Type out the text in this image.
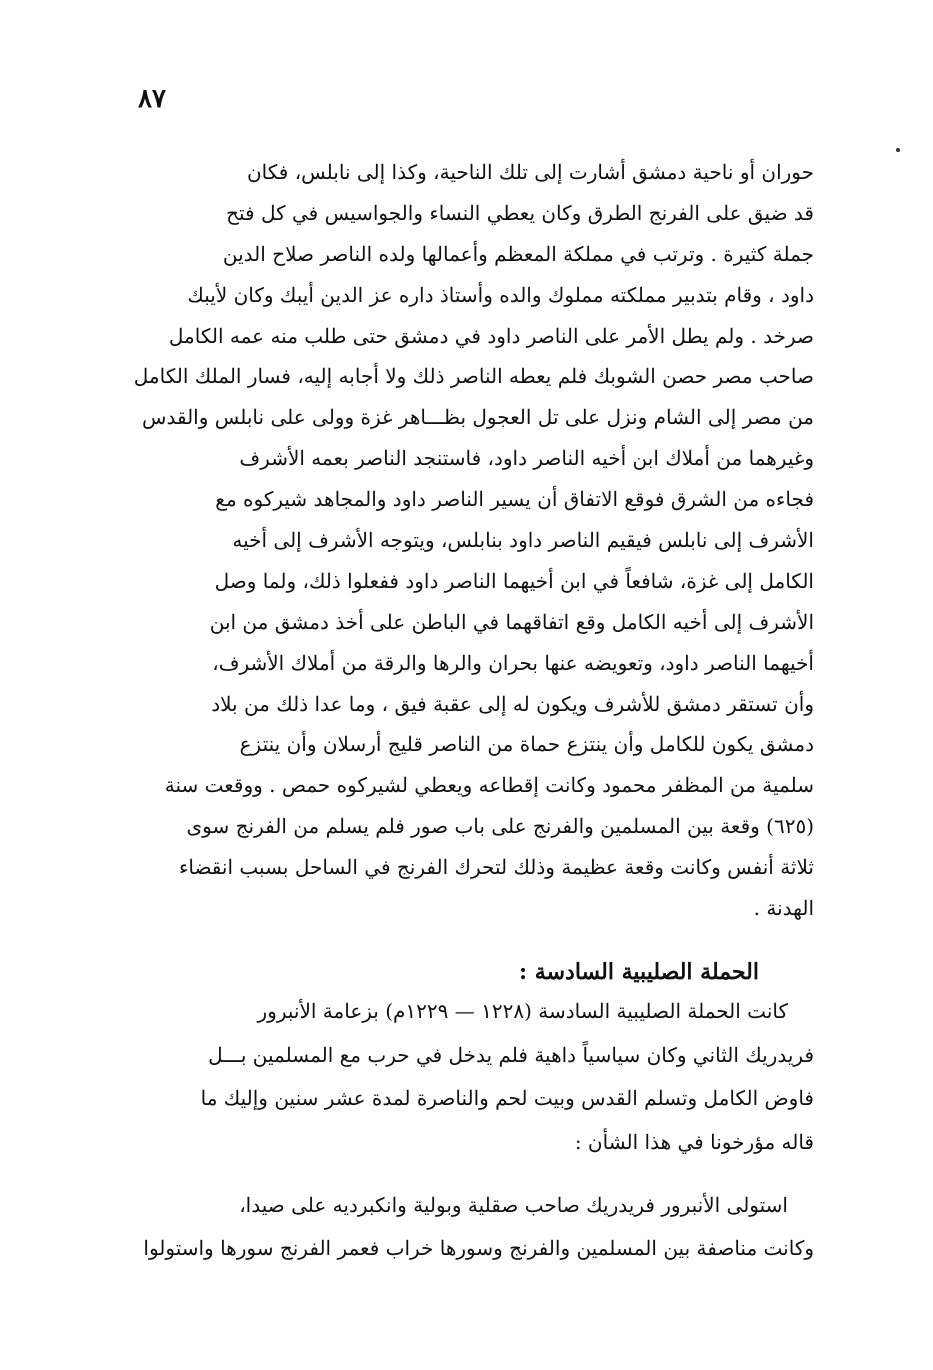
٨٧
حوران أو ناحية دمشق أشارت إلى تلك الناحية، وكذا إلى نابلس، فكان
قد ضيق على الفرنج الطرق وكان يعطي النساء والجواسيس في كل فتح
جملة كثيرة . وترتب في مملكة المعظم وأعمالها ولده الناصر صلاح الدين
داود ، وقام بتدبير مملكته مملوك والده وأستاذ داره عز الدين أيبك وكان لأيبك
صرخد . ولم يطل الأمر على الناصر داود في دمشق حتى طلب منه عمه الكامل
صاحب مصر حصن الشوبك فلم يعطه الناصر ذلك ولا أجابه إليه، فسار الملك الكامل
من مصر إلى الشام ونزل على تل العجول بظـــاهر غزة وولى على نابلس والقدس
وغيرهما من أملاك ابن أخيه الناصر داود، فاستنجد الناصر بعمه الأشرف
فجاءه من الشرق فوقع الاتفاق أن يسير الناصر داود والمجاهد شيركوه مع
الأشرف إلى نابلس فيقيم الناصر داود بنابلس، ويتوجه الأشرف إلى أخيه
الكامل إلى غزة، شافعاً في ابن أخيهما الناصر داود ففعلوا ذلك، ولما وصل
الأشرف إلى أخيه الكامل وقع اتفاقهما في الباطن على أخذ دمشق من ابن
أخيهما الناصر داود، وتعويضه عنها بحران والرها والرقة من أملاك الأشرف،
وأن تستقر دمشق للأشرف ويكون له إلى عقبة فيق ، وما عدا ذلك من بلاد
دمشق يكون للكامل وأن ينتزع حماة من الناصر قليج أرسلان وأن ينتزع
سلمية من المظفر محمود وكانت إقطاعه ويعطي لشيركوه حمص . ووقعت سنة
(٦٢٥) وقعة بين المسلمين والفرنج على باب صور فلم يسلم من الفرنج سوى
ثلاثة أنفس وكانت وقعة عظيمة وذلك لتحرك الفرنج في الساحل بسبب انقضاء
الهدنة .
الحملة الصليبية السادسة :
كانت الحملة الصليبية السادسة (١٢٢٨ — ١٢٢٩م) بزعامة الأنبرور
فريدريك الثاني وكان سياسياً داهية فلم يدخل في حرب مع المسلمين بـــل
فاوض الكامل وتسلم القدس وبيت لحم والناصرة لمدة عشر سنين وإليك ما
قاله مؤرخونا في هذا الشأن :
استولى الأنبرور فريدريك صاحب صقلية وبولية وانكبرديه على صيدا،
وكانت مناصفة بين المسلمين والفرنج وسورها خراب فعمر الفرنج سورها واستولوا
